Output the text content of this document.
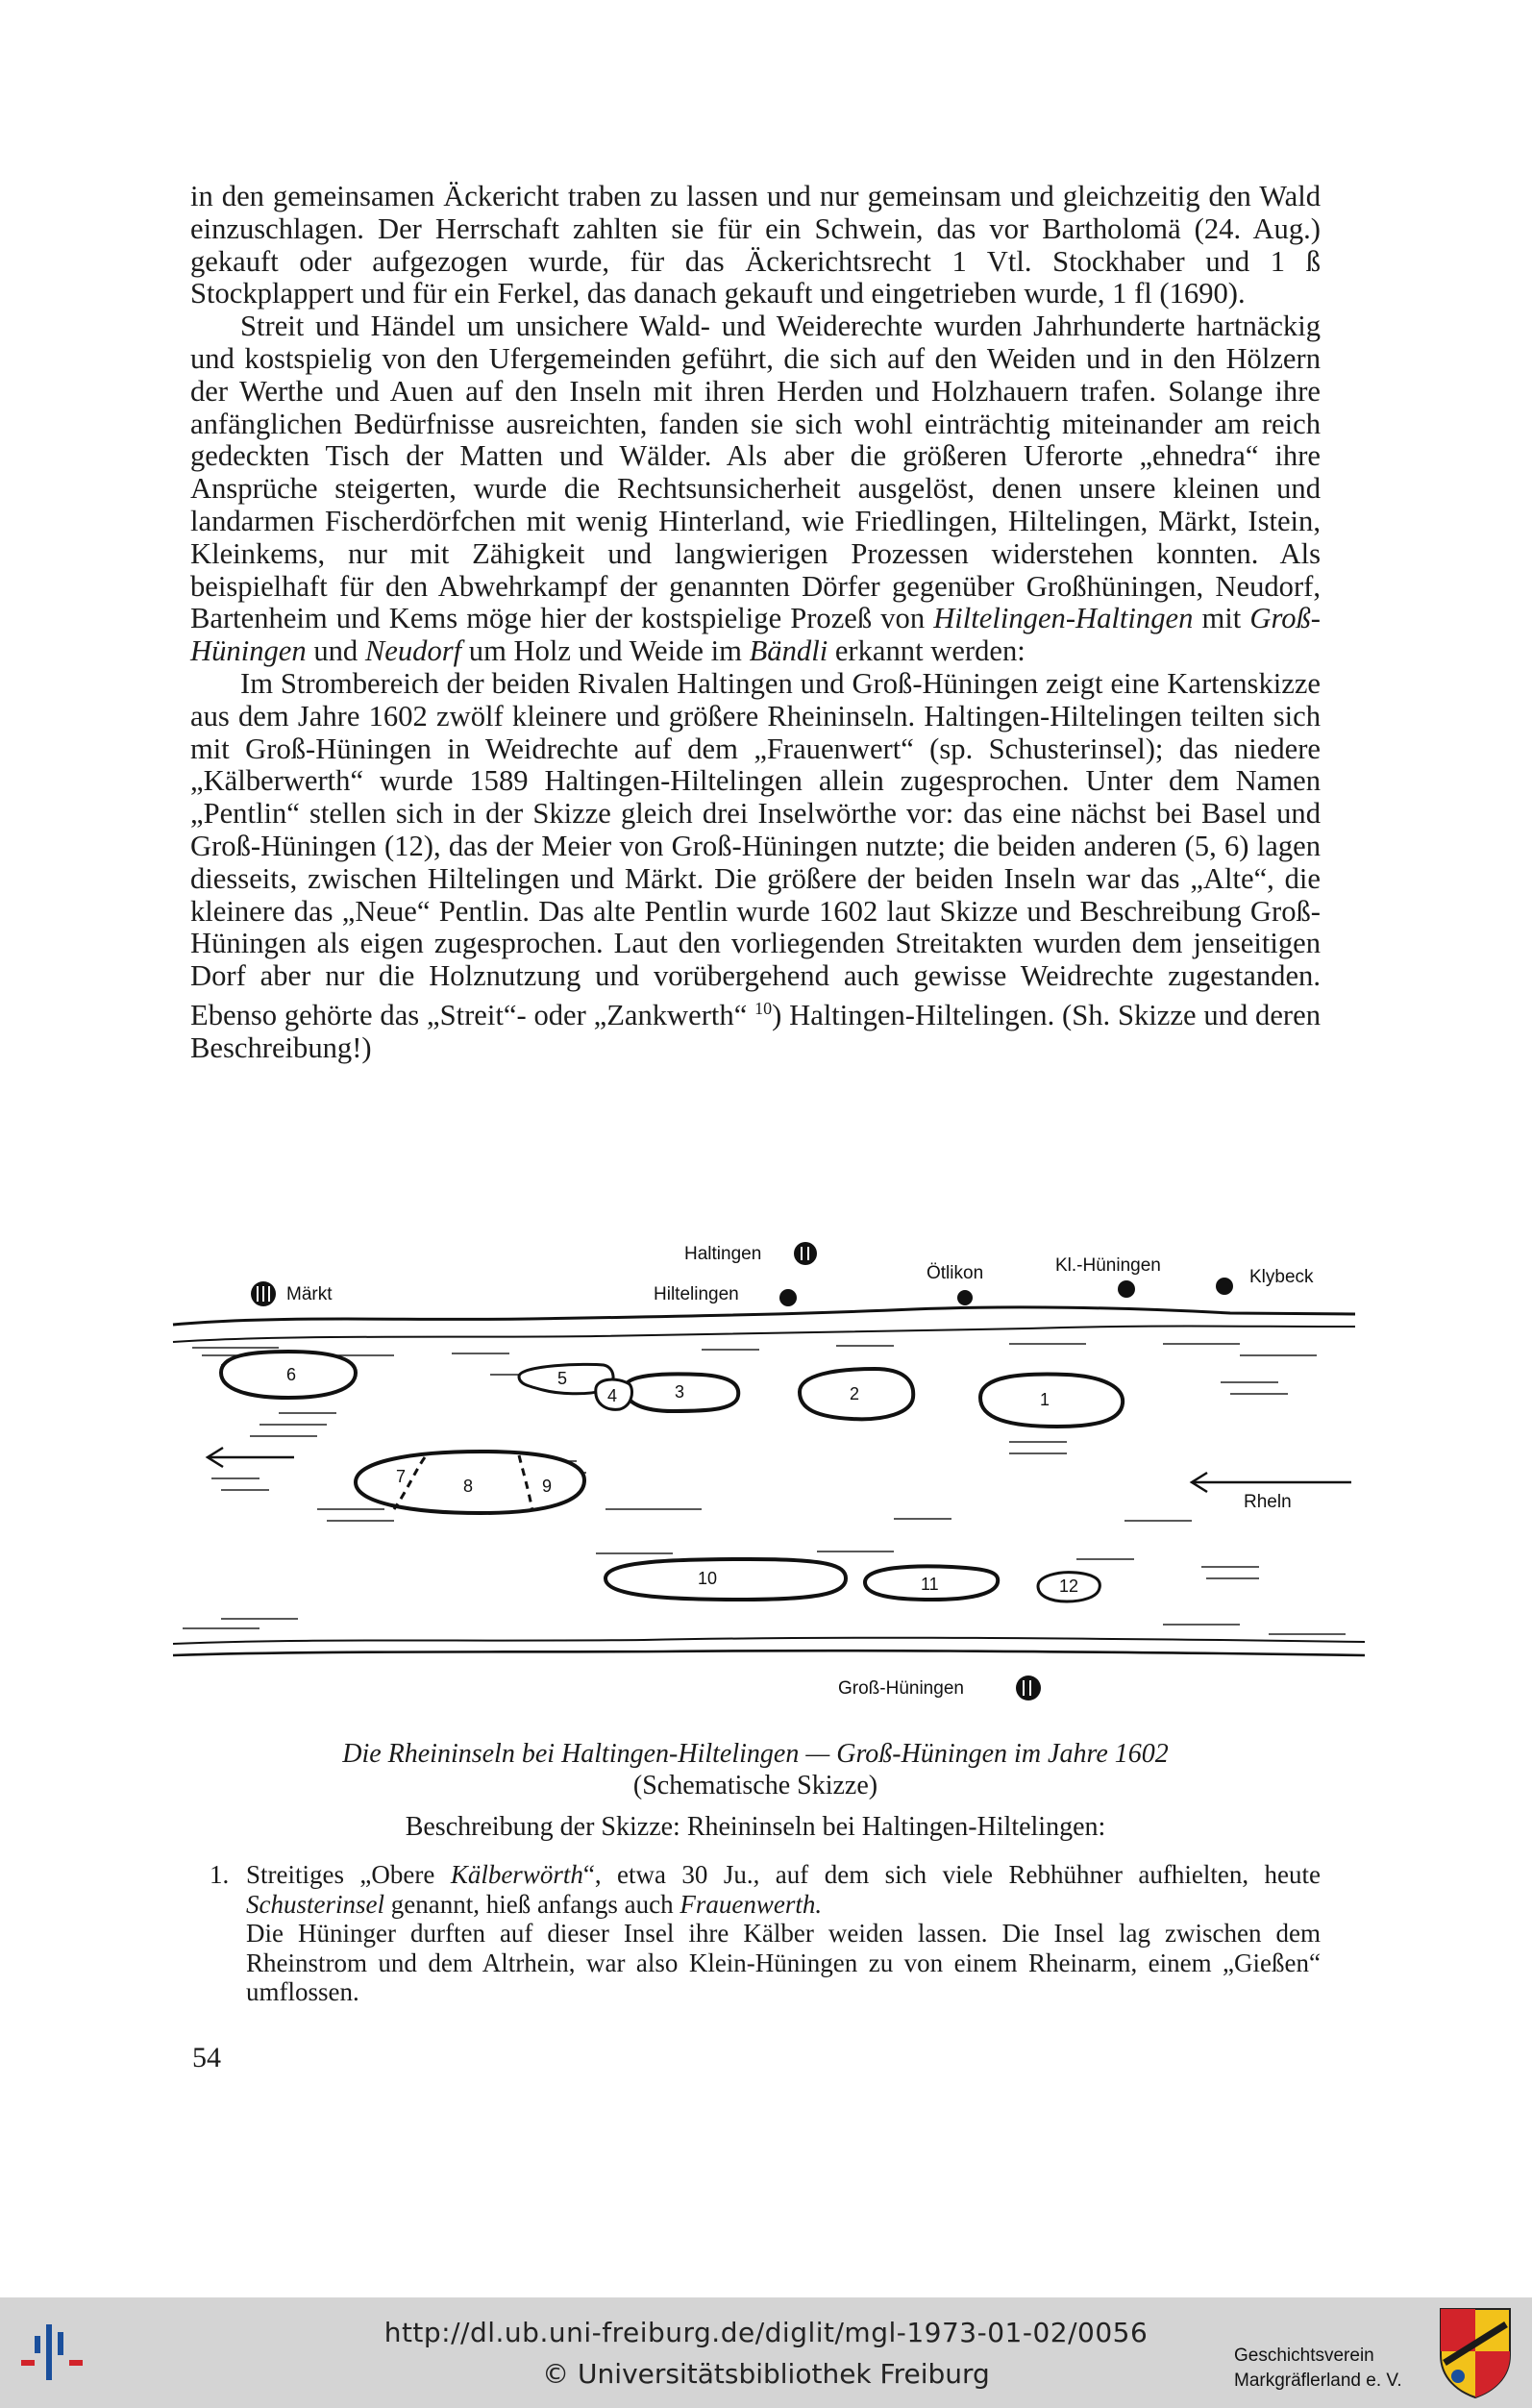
in den gemeinsamen Äckericht traben zu lassen und nur gemeinsam und gleichzeitig den Wald einzuschlagen. Der Herrschaft zahlten sie für ein Schwein, das vor Bartholomä (24. Aug.) gekauft oder aufgezogen wurde, für das Äckerichtsrecht 1 Vtl. Stockhaber und 1 ß Stockplappert und für ein Ferkel, das danach gekauft und eingetrieben wurde, 1 fl (1690).

Streit und Händel um unsichere Wald- und Weiderechte wurden Jahrhunderte hartnäckig und kostspielig von den Ufergemeinden geführt, die sich auf den Weiden und in den Hölzern der Werthe und Auen auf den Inseln mit ihren Herden und Holzhauern trafen. Solange ihre anfänglichen Bedürfnisse ausreichten, fanden sie sich wohl einträchtig miteinander am reich gedeckten Tisch der Matten und Wälder. Als aber die größeren Uferorte „ehnedra“ ihre Ansprüche steigerten, wurde die Rechtsunsicherheit ausgelöst, denen unsere kleinen und landarmen Fischerdörfchen mit wenig Hinterland, wie Friedlingen, Hiltelingen, Märkt, Istein, Kleinkems, nur mit Zähigkeit und langwierigen Prozessen widerstehen konnten. Als beispielhaft für den Abwehrkampf der genannten Dörfer gegenüber Großhüningen, Neudorf, Bartenheim und Kems möge hier der kostspielige Prozeß von Hiltelingen-Haltingen mit Groß-Hüningen und Neudorf um Holz und Weide im Bändli erkannt werden:

Im Strombereich der beiden Rivalen Haltingen und Groß-Hüningen zeigt eine Kartenskizze aus dem Jahre 1602 zwölf kleinere und größere Rheininseln. Haltingen-Hiltelingen teilten sich mit Groß-Hüningen in Weidrechte auf dem „Frauenwert“ (sp. Schusterinsel); das niedere „Kälberwerth“ wurde 1589 Haltingen-Hiltelingen allein zugesprochen. Unter dem Namen „Pentlin“ stellen sich in der Skizze gleich drei Inselwörthe vor: das eine nächst bei Basel und Groß-Hüningen (12), das der Meier von Groß-Hüningen nutzte; die beiden anderen (5, 6) lagen diesseits, zwischen Hiltelingen und Märkt. Die größere der beiden Inseln war das „Alte“, die kleinere das „Neue“ Pentlin. Das alte Pentlin wurde 1602 laut Skizze und Beschreibung Groß-Hüningen als eigen zugesprochen. Laut den vorliegenden Streitakten wurden dem jenseitigen Dorf aber nur die Holznutzung und vorübergehend auch gewisse Weidrechte zugestanden. Ebenso gehörte das „Streit“- oder „Zankwerth“ $^{10}$) Haltingen-Hiltelingen. (Sh. Skizze und deren Beschreibung!)

1
2
3
4
5
6
7	8	9
10	11	12
Haltingen
Märkt	Hiltelingen
Ötlikon	Kl.-Hüningen
Klybeck
Groß-Hüningen
Rheln
Die Rheininseln bei Haltingen-Hiltelingen — Groß-Hüningen im Jahre 1602
(Schematische Skizze)
Beschreibung der Skizze: Rheininseln bei Haltingen-Hiltelingen:
1. Streitiges „Obere Kälberwörth“, etwa 30 Ju., auf dem sich viele Rebhühner aufhielten, heute Schusterinsel genannt, hieß anfangs auch Frauenwerth.
Die Hüninger durften auf dieser Insel ihre Kälber weiden lassen. Die Insel lag zwischen dem Rheinstrom und dem Altrhein, war also Klein-Hüningen zu von einem Rheinarm, einem „Gießen“ umflossen.
54
http://dl.ub.uni-freiburg.de/diglit/mgl-1973-01-02/0056
© Universitätsbibliothek Freiburg
Geschichtsverein
Markgräflerland e. V.
